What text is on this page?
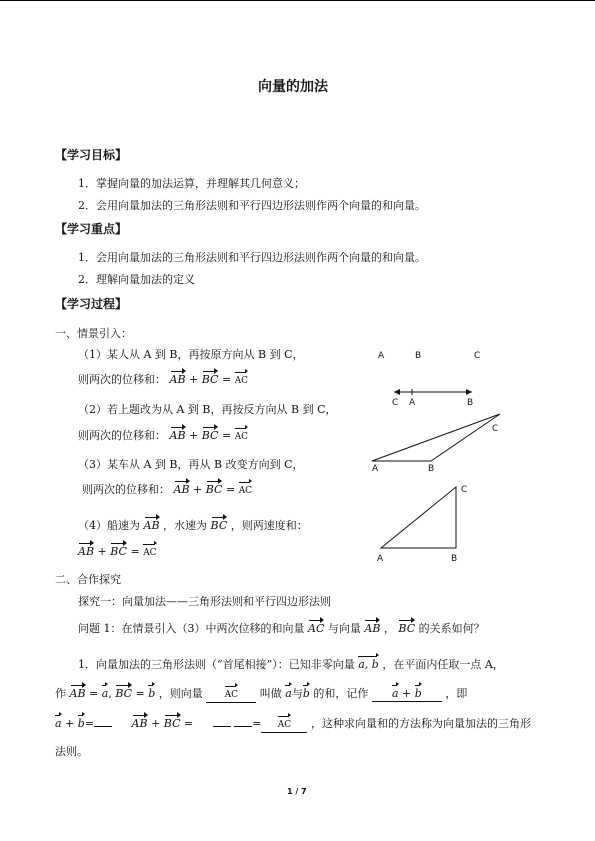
向量的加法
【学习目标】
1．掌握向量的加法运算，并理解其几何意义；
2．会用向量加法的三角形法则和平行四边形法则作两个向量的和向量。
【学习重点】
1．会用向量加法的三角形法则和平行四边形法则作两个向量的和向量。
2．理解向量加法的定义
【学习过程】
一、情景引入：
（1）某人从 A 到 B，再按原方向从 B 到 C，
则两次的位移和： AB + BC = AC
（2）若上题改为从 A 到 B，再按反方向从 B 到 C，
则两次的位移和： AB + BC = AC
（3）某车从 A 到 B，再从 B 改变方向到 C，
则两次的位移和： AB + BC = AC
（4）船速为 AB ，水速为 BC ，则两速度和：
AB + BC = AC
二、合作探究
探究一：向量加法——三角形法则和平行四边形法则
问题 1：在情景引入（3）中两次位移的和向量 AC 与向量 AB ， BC 的关系如何？
1．向量加法的三角形法则（“首尾相接”）：已知非零向量 a, b ，在平面内任取一点 A，
作 AB = a, BC = b ，则向量 AC 叫做 a与b 的和，记作 a + b ，即
a + b=	AB + BC =	= AC ，这种求向量和的方法称为向量加法的三角形
法则。
A	B	C
C A	B
A	B
C
A	B
C
1 / 7
